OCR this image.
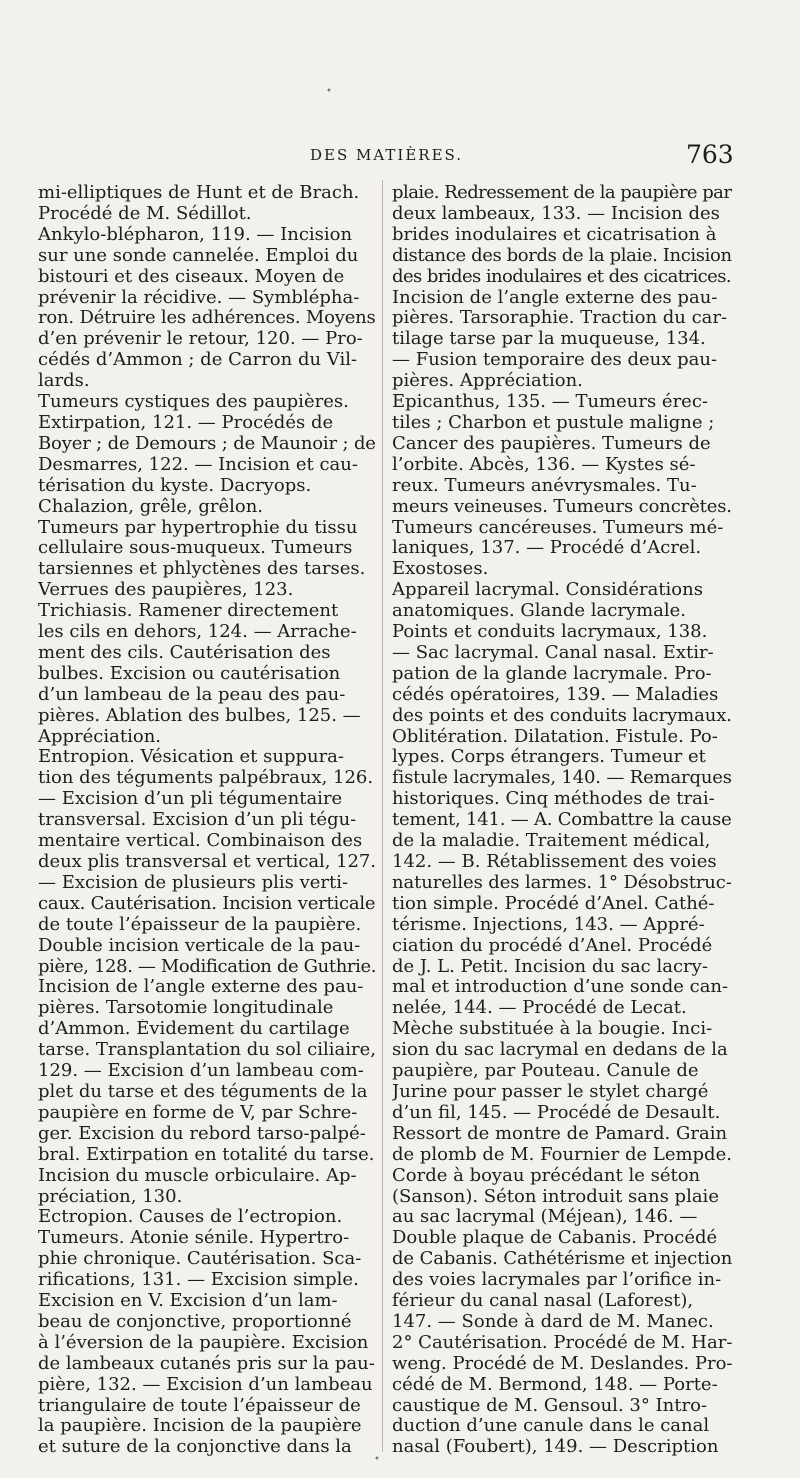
•
•
DES MATIÈRES.	763
mi-elliptiques de Hunt et de Brach.
Procédé de M. Sédillot.
Ankylo-blépharon, 119. — Incision
sur une sonde cannelée. Emploi du
bistouri et des ciseaux. Moyen de
prévenir la récidive. — Symblépha-
ron. Détruire les adhérences. Moyens
d’en prévenir le retour, 120. — Pro-
cédés d’Ammon ; de Carron du Vil-
lards.
Tumeurs cystiques des paupières.
Extirpation, 121. — Procédés de
Boyer ; de Demours ; de Maunoir ; de
Desmarres, 122. — Incision et cau-
térisation du kyste. Dacryops.
Chalazion, grêle, grêlon.
Tumeurs par hypertrophie du tissu
cellulaire sous-muqueux. Tumeurs
tarsiennes et phlyctènes des tarses.
Verrues des paupières, 123.
Trichiasis. Ramener directement
les cils en dehors, 124. — Arrache-
ment des cils. Cautérisation des
bulbes. Excision ou cautérisation
d’un lambeau de la peau des pau-
pières. Ablation des bulbes, 125. —
Appréciation.
Entropion. Vésication et suppura-
tion des téguments palpébraux, 126.
— Excision d’un pli tégumentaire
transversal. Excision d’un pli tégu-
mentaire vertical. Combinaison des
deux plis transversal et vertical, 127.
— Excision de plusieurs plis verti-
caux. Cautérisation. Incision verticale
de toute l’épaisseur de la paupière.
Double incision verticale de la pau-
pière, 128. — Modification de Guthrie.
Incision de l’angle externe des pau-
pières. Tarsotomie longitudinale
d’Ammon. Évidement du cartilage
tarse. Transplantation du sol ciliaire,
129. — Excision d’un lambeau com-
plet du tarse et des téguments de la
paupière en forme de V, par Schre-
ger. Excision du rebord tarso-palpé-
bral. Extirpation en totalité du tarse.
Incision du muscle orbiculaire. Ap-
préciation, 130.
Ectropion. Causes de l’ectropion.
Tumeurs. Atonie sénile. Hypertro-
phie chronique. Cautérisation. Sca-
rifications, 131. — Excision simple.
Excision en V. Excision d’un lam-
beau de conjonctive, proportionné
à l’éversion de la paupière. Excision
de lambeaux cutanés pris sur la pau-
pière, 132. — Excision d’un lambeau
triangulaire de toute l’épaisseur de
la paupière. Incision de la paupière
et suture de la conjonctive dans la
plaie. Redressement de la paupière par
deux lambeaux, 133. — Incision des
brides inodulaires et cicatrisation à
distance des bords de la plaie. Incision
des brides inodulaires et des cicatrices.
Incision de l’angle externe des pau-
pières. Tarsoraphie. Traction du car-
tilage tarse par la muqueuse, 134.
— Fusion temporaire des deux pau-
pières. Appréciation.
Epicanthus, 135. — Tumeurs érec-
tiles ; Charbon et pustule maligne ;
Cancer des paupières. Tumeurs de
l’orbite. Abcès, 136. — Kystes sé-
reux. Tumeurs anévrysmales. Tu-
meurs veineuses. Tumeurs concrètes.
Tumeurs cancéreuses. Tumeurs mé-
laniques, 137. — Procédé d’Acrel.
Exostoses.
Appareil lacrymal. Considérations
anatomiques. Glande lacrymale.
Points et conduits lacrymaux, 138.
— Sac lacrymal. Canal nasal. Extir-
pation de la glande lacrymale. Pro-
cédés opératoires, 139. — Maladies
des points et des conduits lacrymaux.
Oblitération. Dilatation. Fistule. Po-
lypes. Corps étrangers. Tumeur et
fistule lacrymales, 140. — Remarques
historiques. Cinq méthodes de trai-
tement, 141. — A. Combattre la cause
de la maladie. Traitement médical,
142. — B. Rétablissement des voies
naturelles des larmes. 1° Désobstruc-
tion simple. Procédé d’Anel. Cathé-
térisme. Injections, 143. — Appré-
ciation du procédé d’Anel. Procédé
de J. L. Petit. Incision du sac lacry-
mal et introduction d’une sonde can-
nelée, 144. — Procédé de Lecat.
Mèche substituée à la bougie. Inci-
sion du sac lacrymal en dedans de la
paupière, par Pouteau. Canule de
Jurine pour passer le stylet chargé
d’un fil, 145. — Procédé de Desault.
Ressort de montre de Pamard. Grain
de plomb de M. Fournier de Lempde.
Corde à boyau précédant le séton
(Sanson). Séton introduit sans plaie
au sac lacrymal (Méjean), 146. —
Double plaque de Cabanis. Procédé
de Cabanis. Cathétérisme et injection
des voies lacrymales par l’orifice in-
férieur du canal nasal (Laforest),
147. — Sonde à dard de M. Manec.
2° Cautérisation. Procédé de M. Har-
weng. Procédé de M. Deslandes. Pro-
cédé de M. Bermond, 148. — Porte-
caustique de M. Gensoul. 3° Intro-
duction d’une canule dans le canal
nasal (Foubert), 149. — Description
